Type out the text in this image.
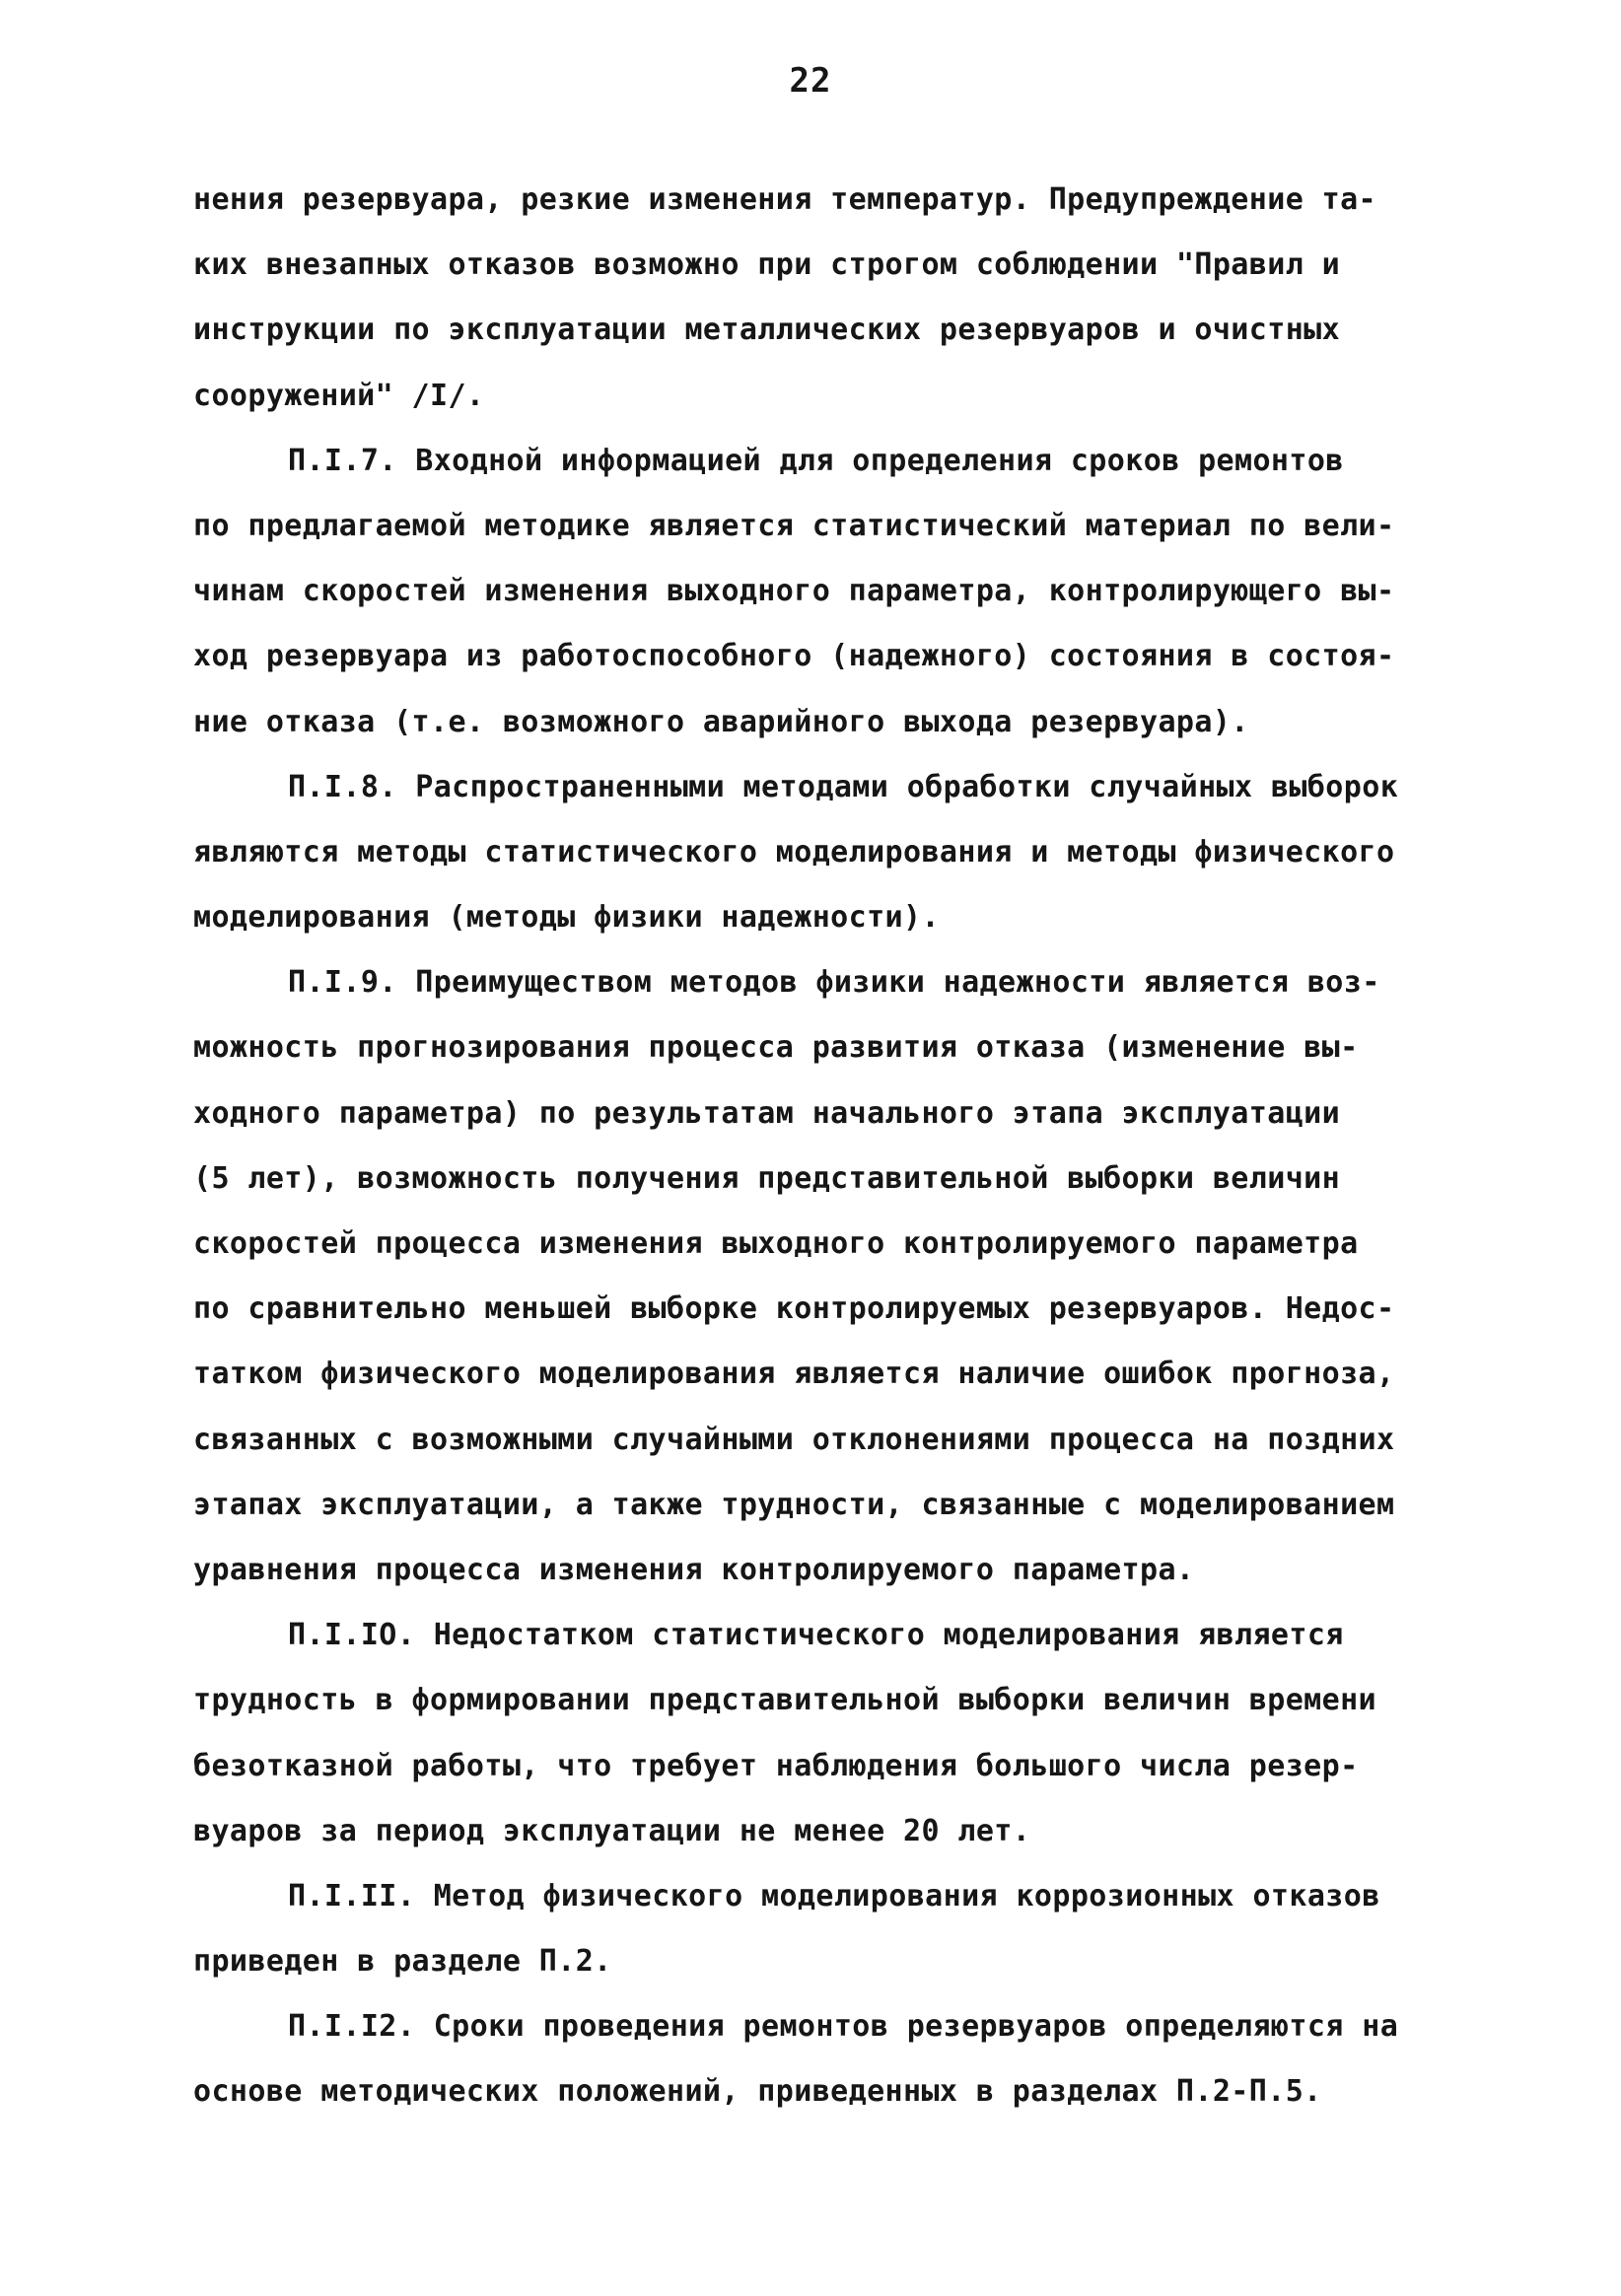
22
нения резервуара, резкие изменения температур. Предупреждение та-
ких внезапных отказов возможно при строгом соблюдении "Правил и
инструкции по эксплуатации металлических резервуаров и очистных
сооружений" /I/.
П.I.7. Входной информацией для определения сроков ремонтов
по предлагаемой методике является статистический материал по вели-
чинам скоростей изменения выходного параметра, контролирующего вы-
ход резервуара из работоспособного (надежного) состояния в состоя-
ние отказа (т.е. возможного аварийного выхода резервуара).
П.I.8. Распространенными методами обработки случайных выборок
являются методы статистического моделирования и методы физического
моделирования (методы физики надежности).
П.I.9. Преимуществом методов физики надежности является воз-
можность прогнозирования процесса развития отказа (изменение вы-
ходного параметра) по результатам начального этапа эксплуатации
(5 лет), возможность получения представительной выборки величин
скоростей процесса изменения выходного контролируемого параметра
по сравнительно меньшей выборке контролируемых резервуаров. Недос-
татком физического моделирования является наличие ошибок прогноза,
связанных с возможными случайными отклонениями процесса на поздних
этапах эксплуатации, а также трудности, связанные с моделированием
уравнения процесса изменения контролируемого параметра.
П.I.IO. Недостатком статистического моделирования является
трудность в формировании представительной выборки величин времени
безотказной работы, что требует наблюдения большого числа резер-
вуаров за период эксплуатации не менее 20 лет.
П.I.II. Метод физического моделирования коррозионных отказов
приведен в разделе П.2.
П.I.I2. Сроки проведения ремонтов резервуаров определяются на
основе методических положений, приведенных в разделах П.2-П.5.
